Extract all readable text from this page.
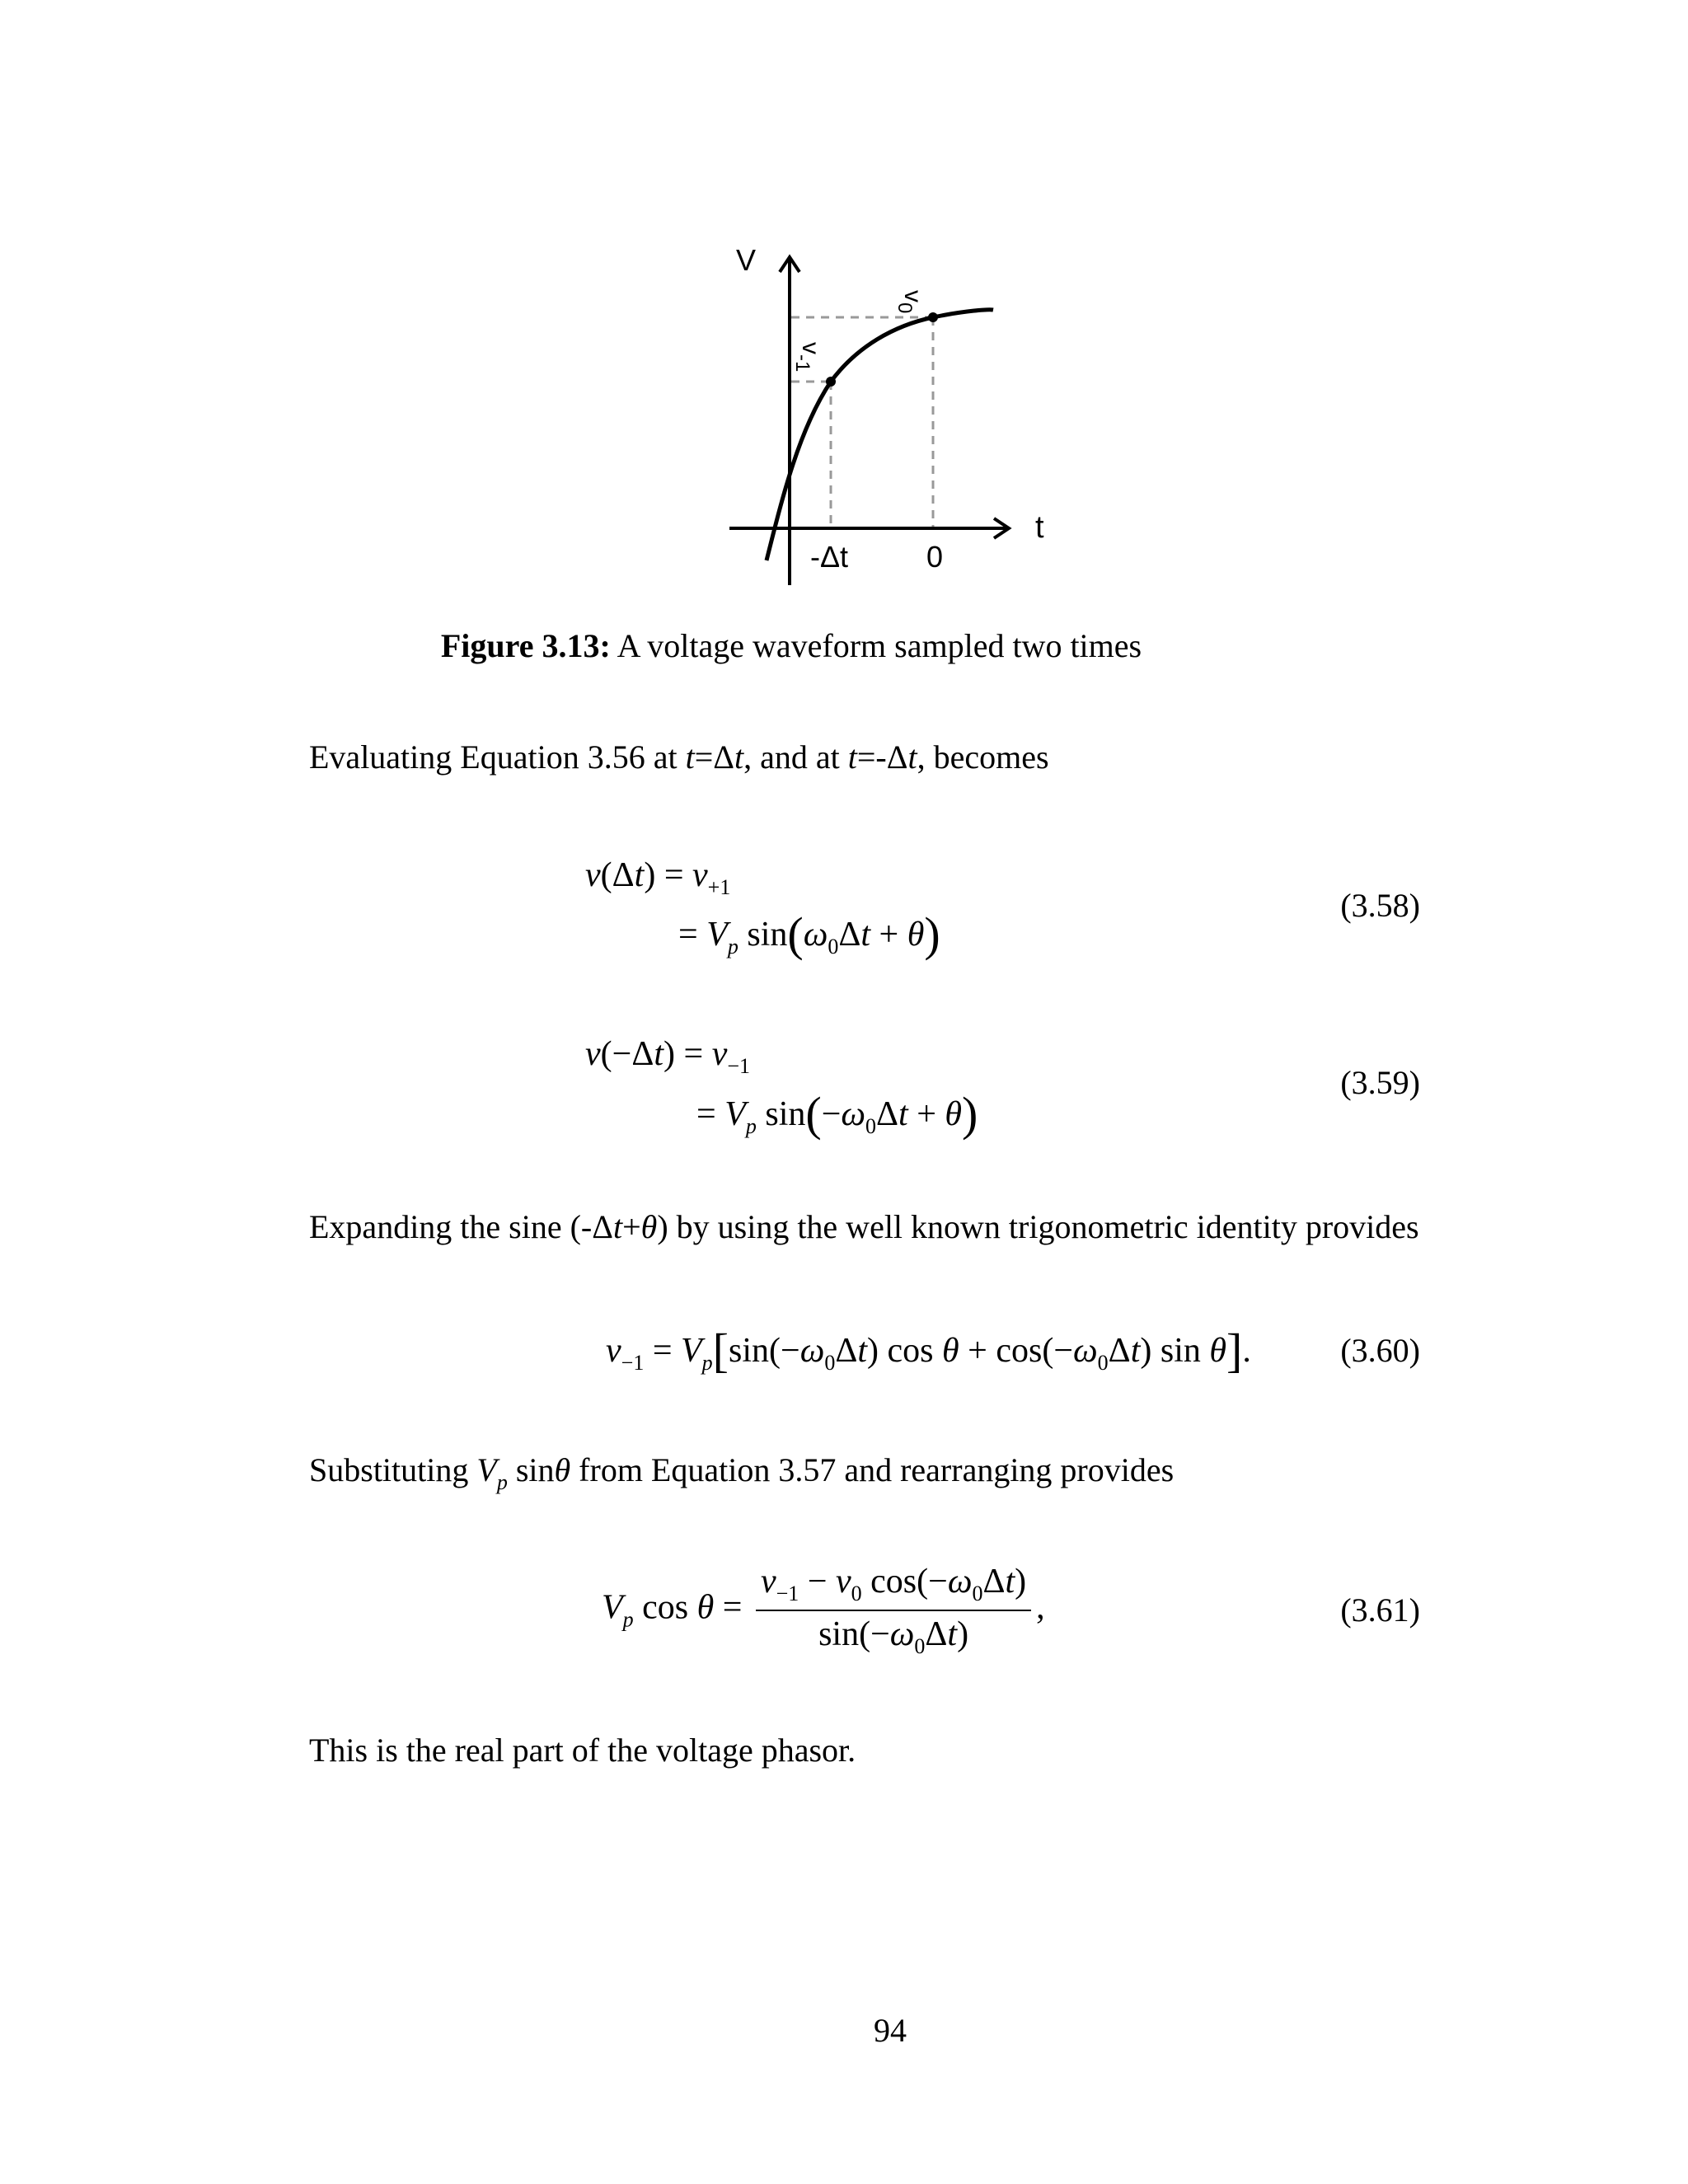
V
t
-Δt	0
$v_0$
$v_{-1}$
Figure 3.13: A voltage waveform sampled two times
Evaluating Equation 3.56 at t=Δt, and at t=-Δt, becomes
$v(\Delta t) = v_{+1}$
= $V_p$ $\sin(\omega_0\Delta t + \theta)$
(3.58)
$v(-\Delta t) = v_{-1}$
= $V_p$ $\sin(-\omega_0\Delta t + \theta)$
(3.59)
Expanding the sine (-Δt+θ) by using the well known trigonometric identity provides
$v_{-1} = V_p[\sin(-\omega_0\Delta t)$ $\cos \theta + \cos(-\omega_0\Delta t)$ sin θ].	(3.60)
Substituting $V_p$ sinθ from Equation 3.57 and rearranging provides
$V_p$ $\cos \theta = \frac{v_{-1} - v_0 \cos(-\omega_0\Delta t)}{\sin(-\omega_0\Delta t)}$ ,	(3.61)
This is the real part of the voltage phasor.
94
